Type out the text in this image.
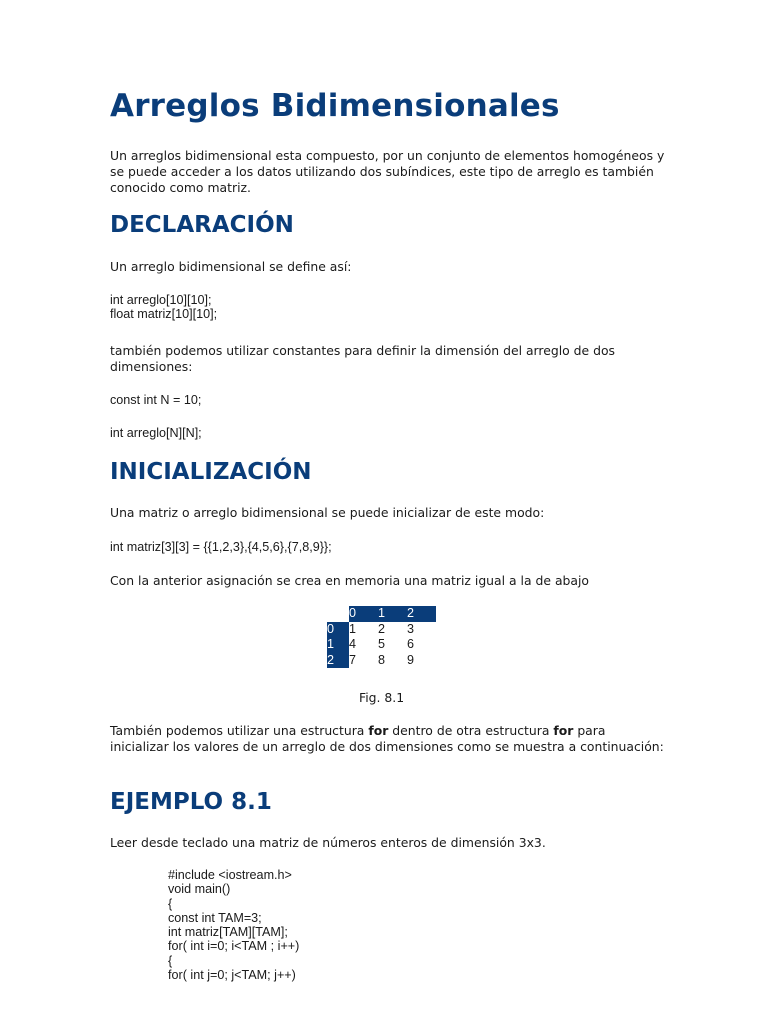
Arreglos Bidimensionales

Un arreglos bidimensional esta compuesto, por un conjunto de elementos homogéneos y se puede acceder a los datos utilizando dos subíndices, este tipo de arreglo es también conocido como matriz.

DECLARACIÓN

Un arreglo bidimensional se define así:

int arreglo[10][10];
float matriz[10][10];

también podemos utilizar constantes para definir la dimensión del arreglo de dos dimensiones:

const int N = 10;
int arreglo[N][N];
INICIALIZACIÓN

Una matriz o arreglo bidimensional se puede inicializar de este modo:

int matriz[3][3] = {{1,2,3},{4,5,6},{7,8,9}};

Con la anterior asignación se crea en memoria una matriz igual a la de abajo

	0	1	2
0	1	2	3
1	4	5	6
2	7	8	9
Fig. 8.1

También podemos utilizar una estructura for dentro de otra estructura for para inicializar los valores de un arreglo de dos dimensiones como se muestra a continuación:

EJEMPLO 8.1

Leer desde teclado una matriz de números enteros de dimensión 3x3.

#include <iostream.h>
void main()
{
const int TAM=3;
int matriz[TAM][TAM];
for( int i=0; i<TAM ; i++)
{
for( int j=0; j<TAM; j++)
